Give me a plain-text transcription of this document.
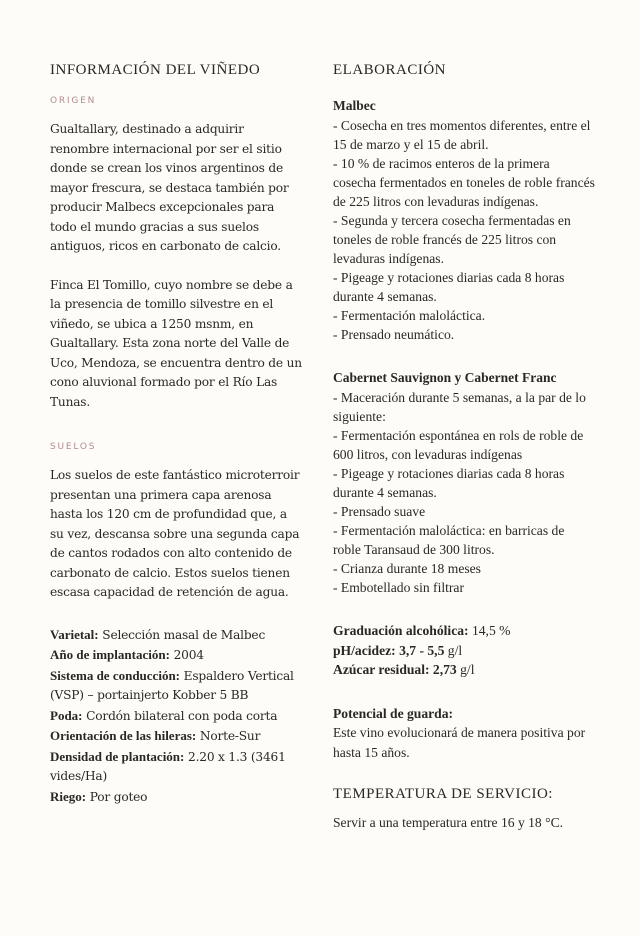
INFORMACIÓN DEL VIÑEDO
ORIGEN

Gualtallary, destinado a adquirir renombre internacional por ser el sitio donde se crean los vinos argentinos de mayor frescura, se destaca también por producir Malbecs excepcionales para todo el mundo gracias a sus suelos antiguos, ricos en carbonato de calcio.

Finca El Tomillo, cuyo nombre se debe a la presencia de tomillo silvestre en el viñedo, se ubica a 1250 msnm, en Gualtallary. Esta zona norte del Valle de Uco, Mendoza, se encuentra dentro de un cono aluvional formado por el Río Las Tunas.

SUELOS

Los suelos de este fantástico microterroir presentan una primera capa arenosa hasta los 120 cm de profundidad que, a su vez, descansa sobre una segunda capa de cantos rodados con alto contenido de carbonato de calcio. Estos suelos tienen escasa capacidad de retención de agua.

Varietal: Selección masal de Malbec
Año de implantación: 2004
Sistema de conducción: Espaldero Vertical (VSP) – portainjerto Kobber 5 BB
Poda: Cordón bilateral con poda corta
Orientación de las hileras: Norte-Sur
Densidad de plantación: 2.20 x 1.3 (3461 vides/Ha)
Riego: Por goteo
ELABORACIÓN
Malbec

- Cosecha en tres momentos diferentes, entre el 15 de marzo y el 15 de abril.

- 10 % de racimos enteros de la primera cosecha fermentados en toneles de roble francés de 225 litros con levaduras indígenas.

- Segunda y tercera cosecha fermentadas en toneles de roble francés de 225 litros con levaduras indígenas.

- Pigeage y rotaciones diarias cada 8 horas durante 4 semanas.

- Fermentación maloláctica.

- Prensado neumático.

Cabernet Sauvignon y Cabernet Franc

- Maceración durante 5 semanas, a la par de lo siguiente:

- Fermentación espontánea en rols de roble de 600 litros, con levaduras indígenas

- Pigeage y rotaciones diarias cada 8 horas durante 4 semanas.

- Prensado suave

- Fermentación maloláctica: en barricas de roble Taransaud de 300 litros.

- Crianza durante 18 meses

- Embotellado sin filtrar

Graduación alcohólica: 14,5 %
pH/acidez: 3,7 - 5,5 g/l
Azúcar residual: 2,73 g/l
Potencial de guarda:
Este vino evolucionará de manera positiva por hasta 15 años.
TEMPERATURA DE SERVICIO:
Servir a una temperatura entre 16 y 18 °C.
